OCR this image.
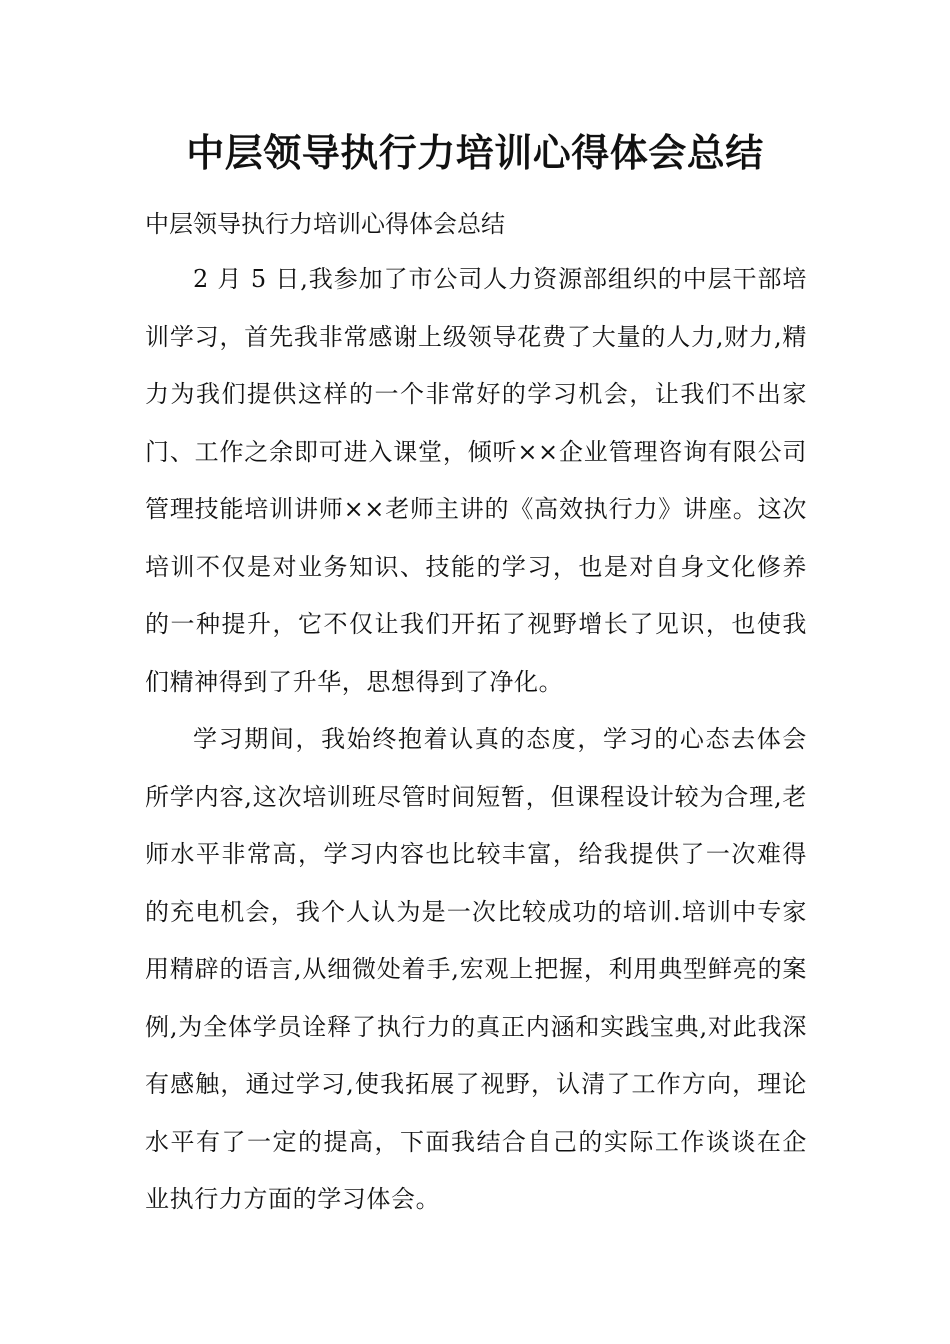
中层领导执行力培训心得体会总结

中层领导执行力培训心得体会总结

2 月 5 日,我参加了市公司人力资源部组织的中层干部培训学习，首先我非常感谢上级领导花费了大量的人力,财力,精力为我们提供这样的一个非常好的学习机会，让我们不出家门、工作之余即可进入课堂，倾听××企业管理咨询有限公司管理技能培训讲师××老师主讲的《高效执行力》讲座。这次培训不仅是对业务知识、技能的学习，也是对自身文化修养的一种提升，它不仅让我们开拓了视野增长了见识，也使我们精神得到了升华，思想得到了净化。

学习期间，我始终抱着认真的态度，学习的心态去体会所学内容,这次培训班尽管时间短暂，但课程设计较为合理,老师水平非常高，学习内容也比较丰富，给我提供了一次难得的充电机会，我个人认为是一次比较成功的培训.培训中专家用精辟的语言,从细微处着手,宏观上把握，利用典型鲜亮的案例,为全体学员诠释了执行力的真正内涵和实践宝典,对此我深有感触，通过学习,使我拓展了视野，认清了工作方向，理论水平有了一定的提高，下面我结合自己的实际工作谈谈在企业执行力方面的学习体会。
